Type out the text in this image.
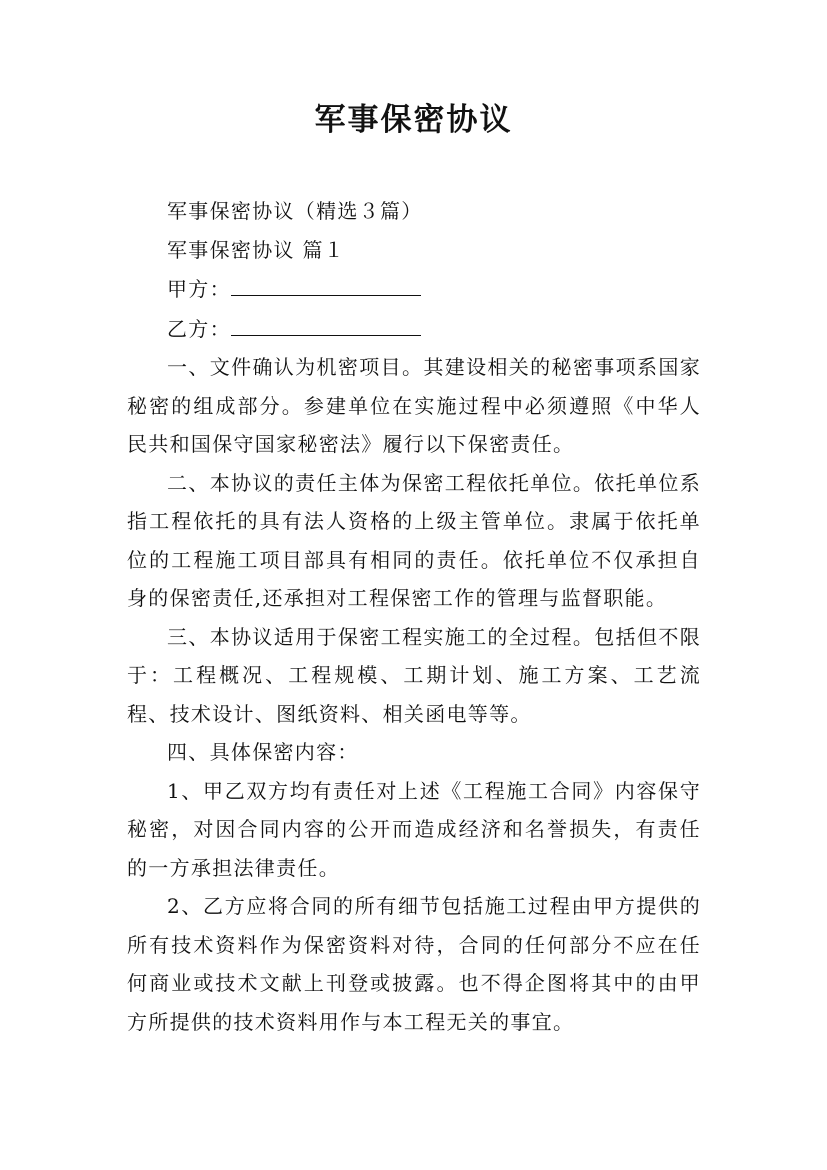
军事保密协议

军事保密协议（精选３篇）

军事保密协议 篇１

甲方：

乙方：

一、文件确认为机密项目。其建设相关的秘密事项系国家秘密的组成部分。参建单位在实施过程中必须遵照《中华人民共和国保守国家秘密法》履行以下保密责任。

二、本协议的责任主体为保密工程依托单位。依托单位系指工程依托的具有法人资格的上级主管单位。隶属于依托单位的工程施工项目部具有相同的责任。依托单位不仅承担自身的保密责任,还承担对工程保密工作的管理与监督职能。

三、本协议适用于保密工程实施工的全过程。包括但不限于：工程概况、工程规模、工期计划、施工方案、工艺流程、技术设计、图纸资料、相关函电等等。

四、具体保密内容：

1、甲乙双方均有责任对上述《工程施工合同》内容保守秘密，对因合同内容的公开而造成经济和名誉损失，有责任的一方承担法律责任。

2、乙方应将合同的所有细节包括施工过程由甲方提供的所有技术资料作为保密资料对待，合同的任何部分不应在任何商业或技术文献上刊登或披露。也不得企图将其中的由甲方所提供的技术资料用作与本工程无关的事宜。
